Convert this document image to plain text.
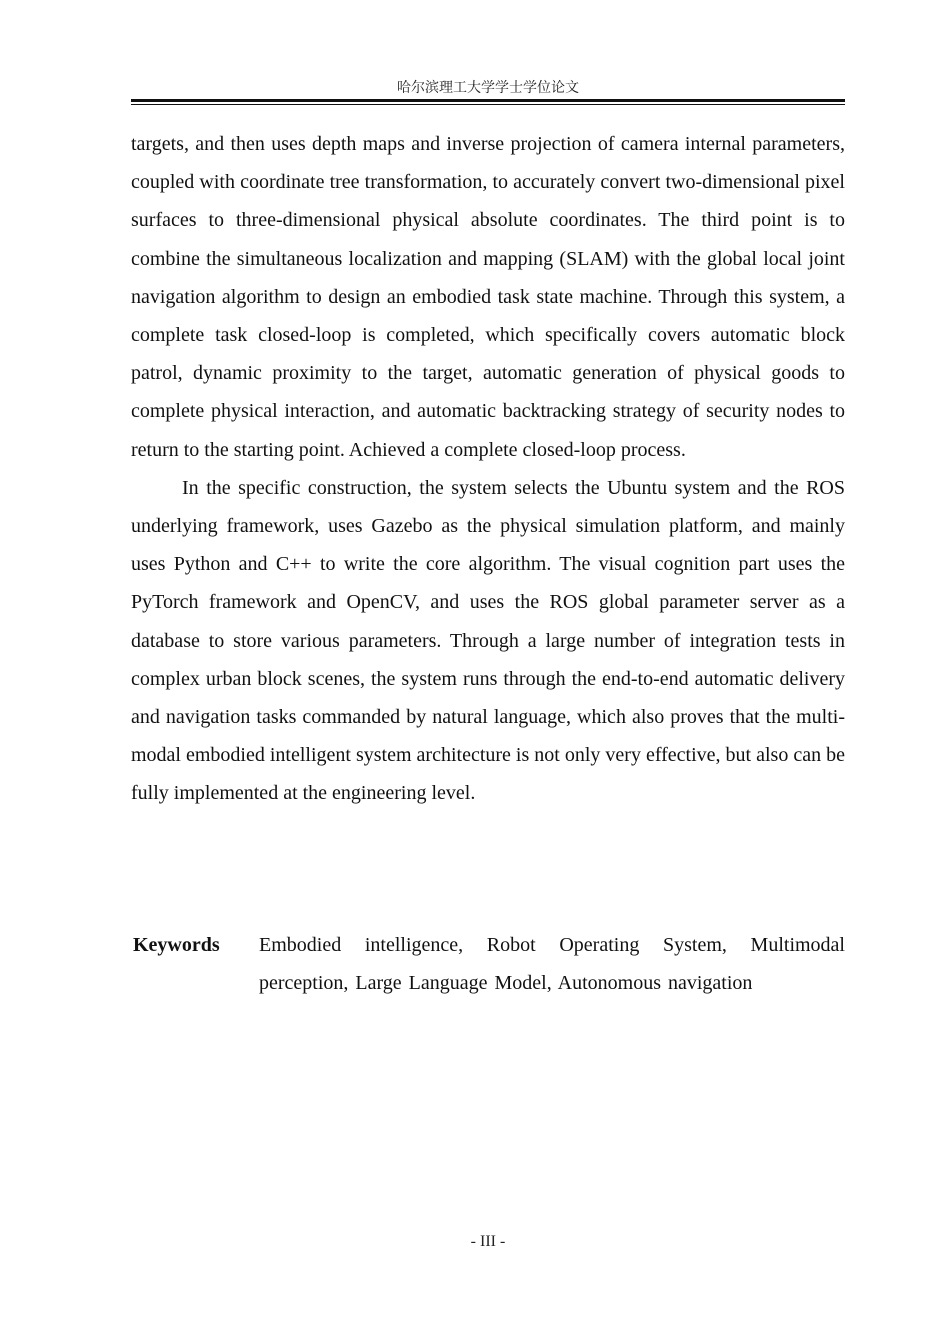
哈尔滨理工大学学士学位论文

targets, and then uses depth maps and inverse projection of camera internal parameters, coupled with coordinate tree transformation, to accurately convert two-dimensional pixel surfaces to three-dimensional physical absolute coordinates. The third point is to combine the simultaneous localization and mapping (SLAM) with the global local joint navigation algorithm to design an embodied task state machine. Through this system, a complete task closed-loop is completed, which specifically covers automatic block patrol, dynamic proximity to the target, automatic generation of physical goods to complete physical interaction, and automatic backtracking strategy of security nodes to return to the starting point. Achieved a complete closed-loop process.

In the specific construction, the system selects the Ubuntu system and the ROS underlying framework, uses Gazebo as the physical simulation platform, and mainly uses Python and C++ to write the core algorithm. The visual cognition part uses the PyTorch framework and OpenCV, and uses the ROS global parameter server as a database to store various parameters. Through a large number of integration tests in complex urban block scenes, the system runs through the end-to-end automatic delivery and navigation tasks commanded by natural language, which also proves that the multi-modal embodied intelligent system architecture is not only very effective, but also can be fully implemented at the engineering level.

Keywords	Embodied intelligence, Robot Operating System, Multimodal perception, Large Language Model, Autonomous navigation
- III -
